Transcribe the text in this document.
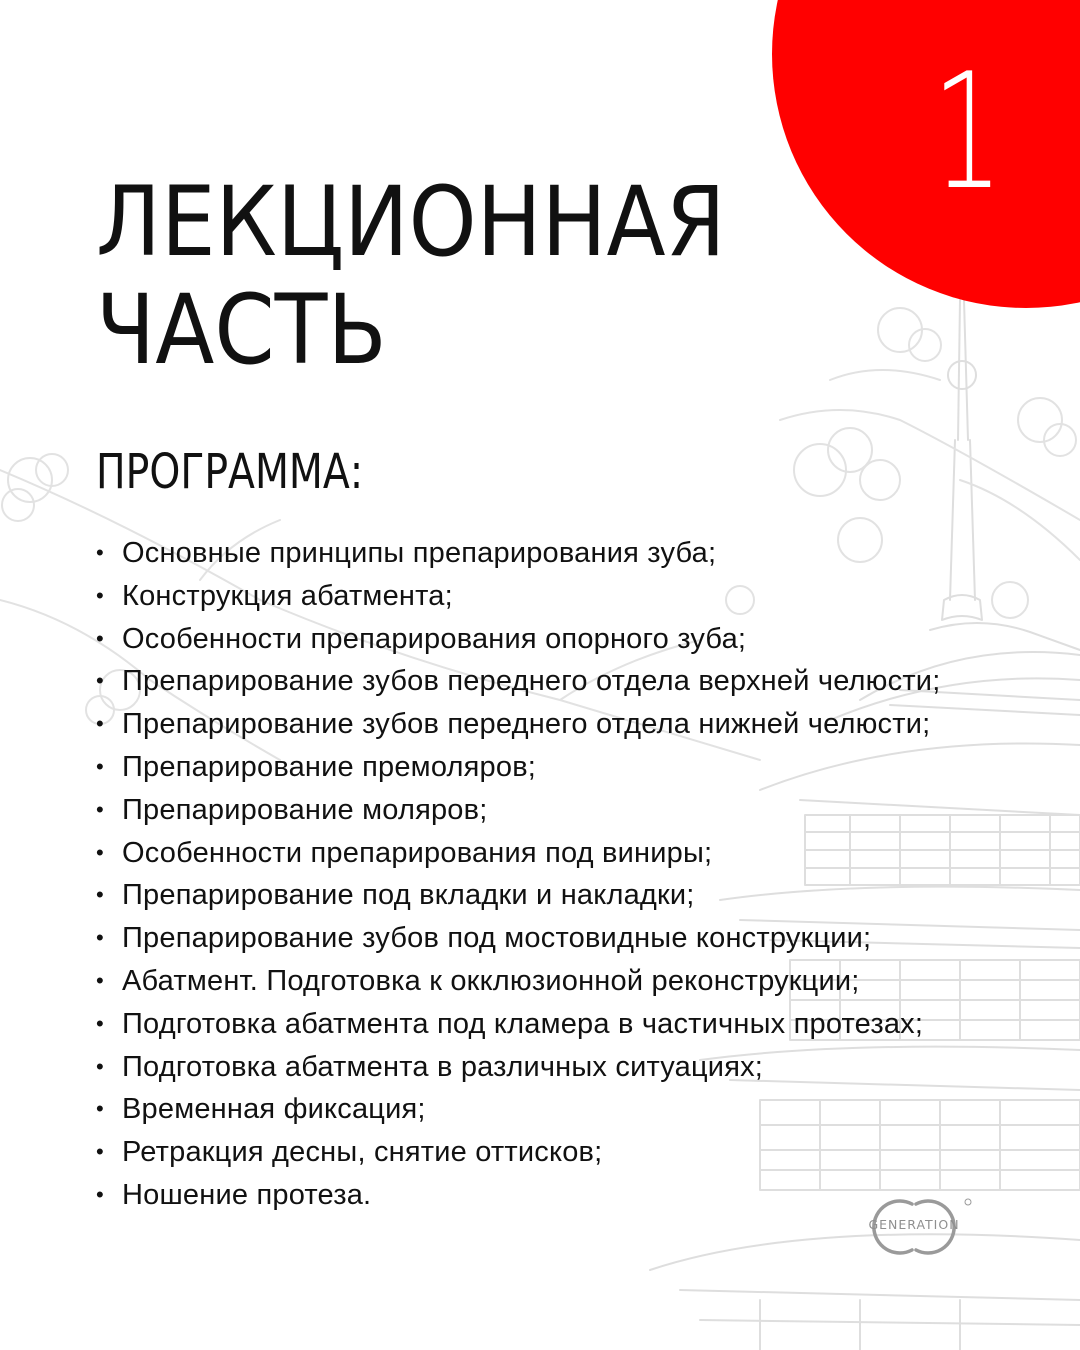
1
ЛЕКЦИОННАЯ
ЧАСТЬ
ПРОГРАММА:
• Основные принципы препарирования зуба;
• Конструкция абатмента;
• Особенности препарирования опорного зуба;
• Препарирование зубов переднего отдела верхней челюсти;
• Препарирование зубов переднего отдела нижней челюсти;
• Препарирование премоляров;
• Препарирование моляров;
• Особенности препарирования под виниры;
• Препарирование под вкладки и накладки;
• Препарирование зубов под мостовидные конструкции;
• Абатмент. Подготовка к окклюзионной реконструкции;
• Подготовка абатмента под кламера в частичных протезах;
• Подготовка абатмента в различных ситуациях;
• Временная фиксация;
• Ретракция десны, снятие оттисков;
• Ношение протеза.
GENERATION
